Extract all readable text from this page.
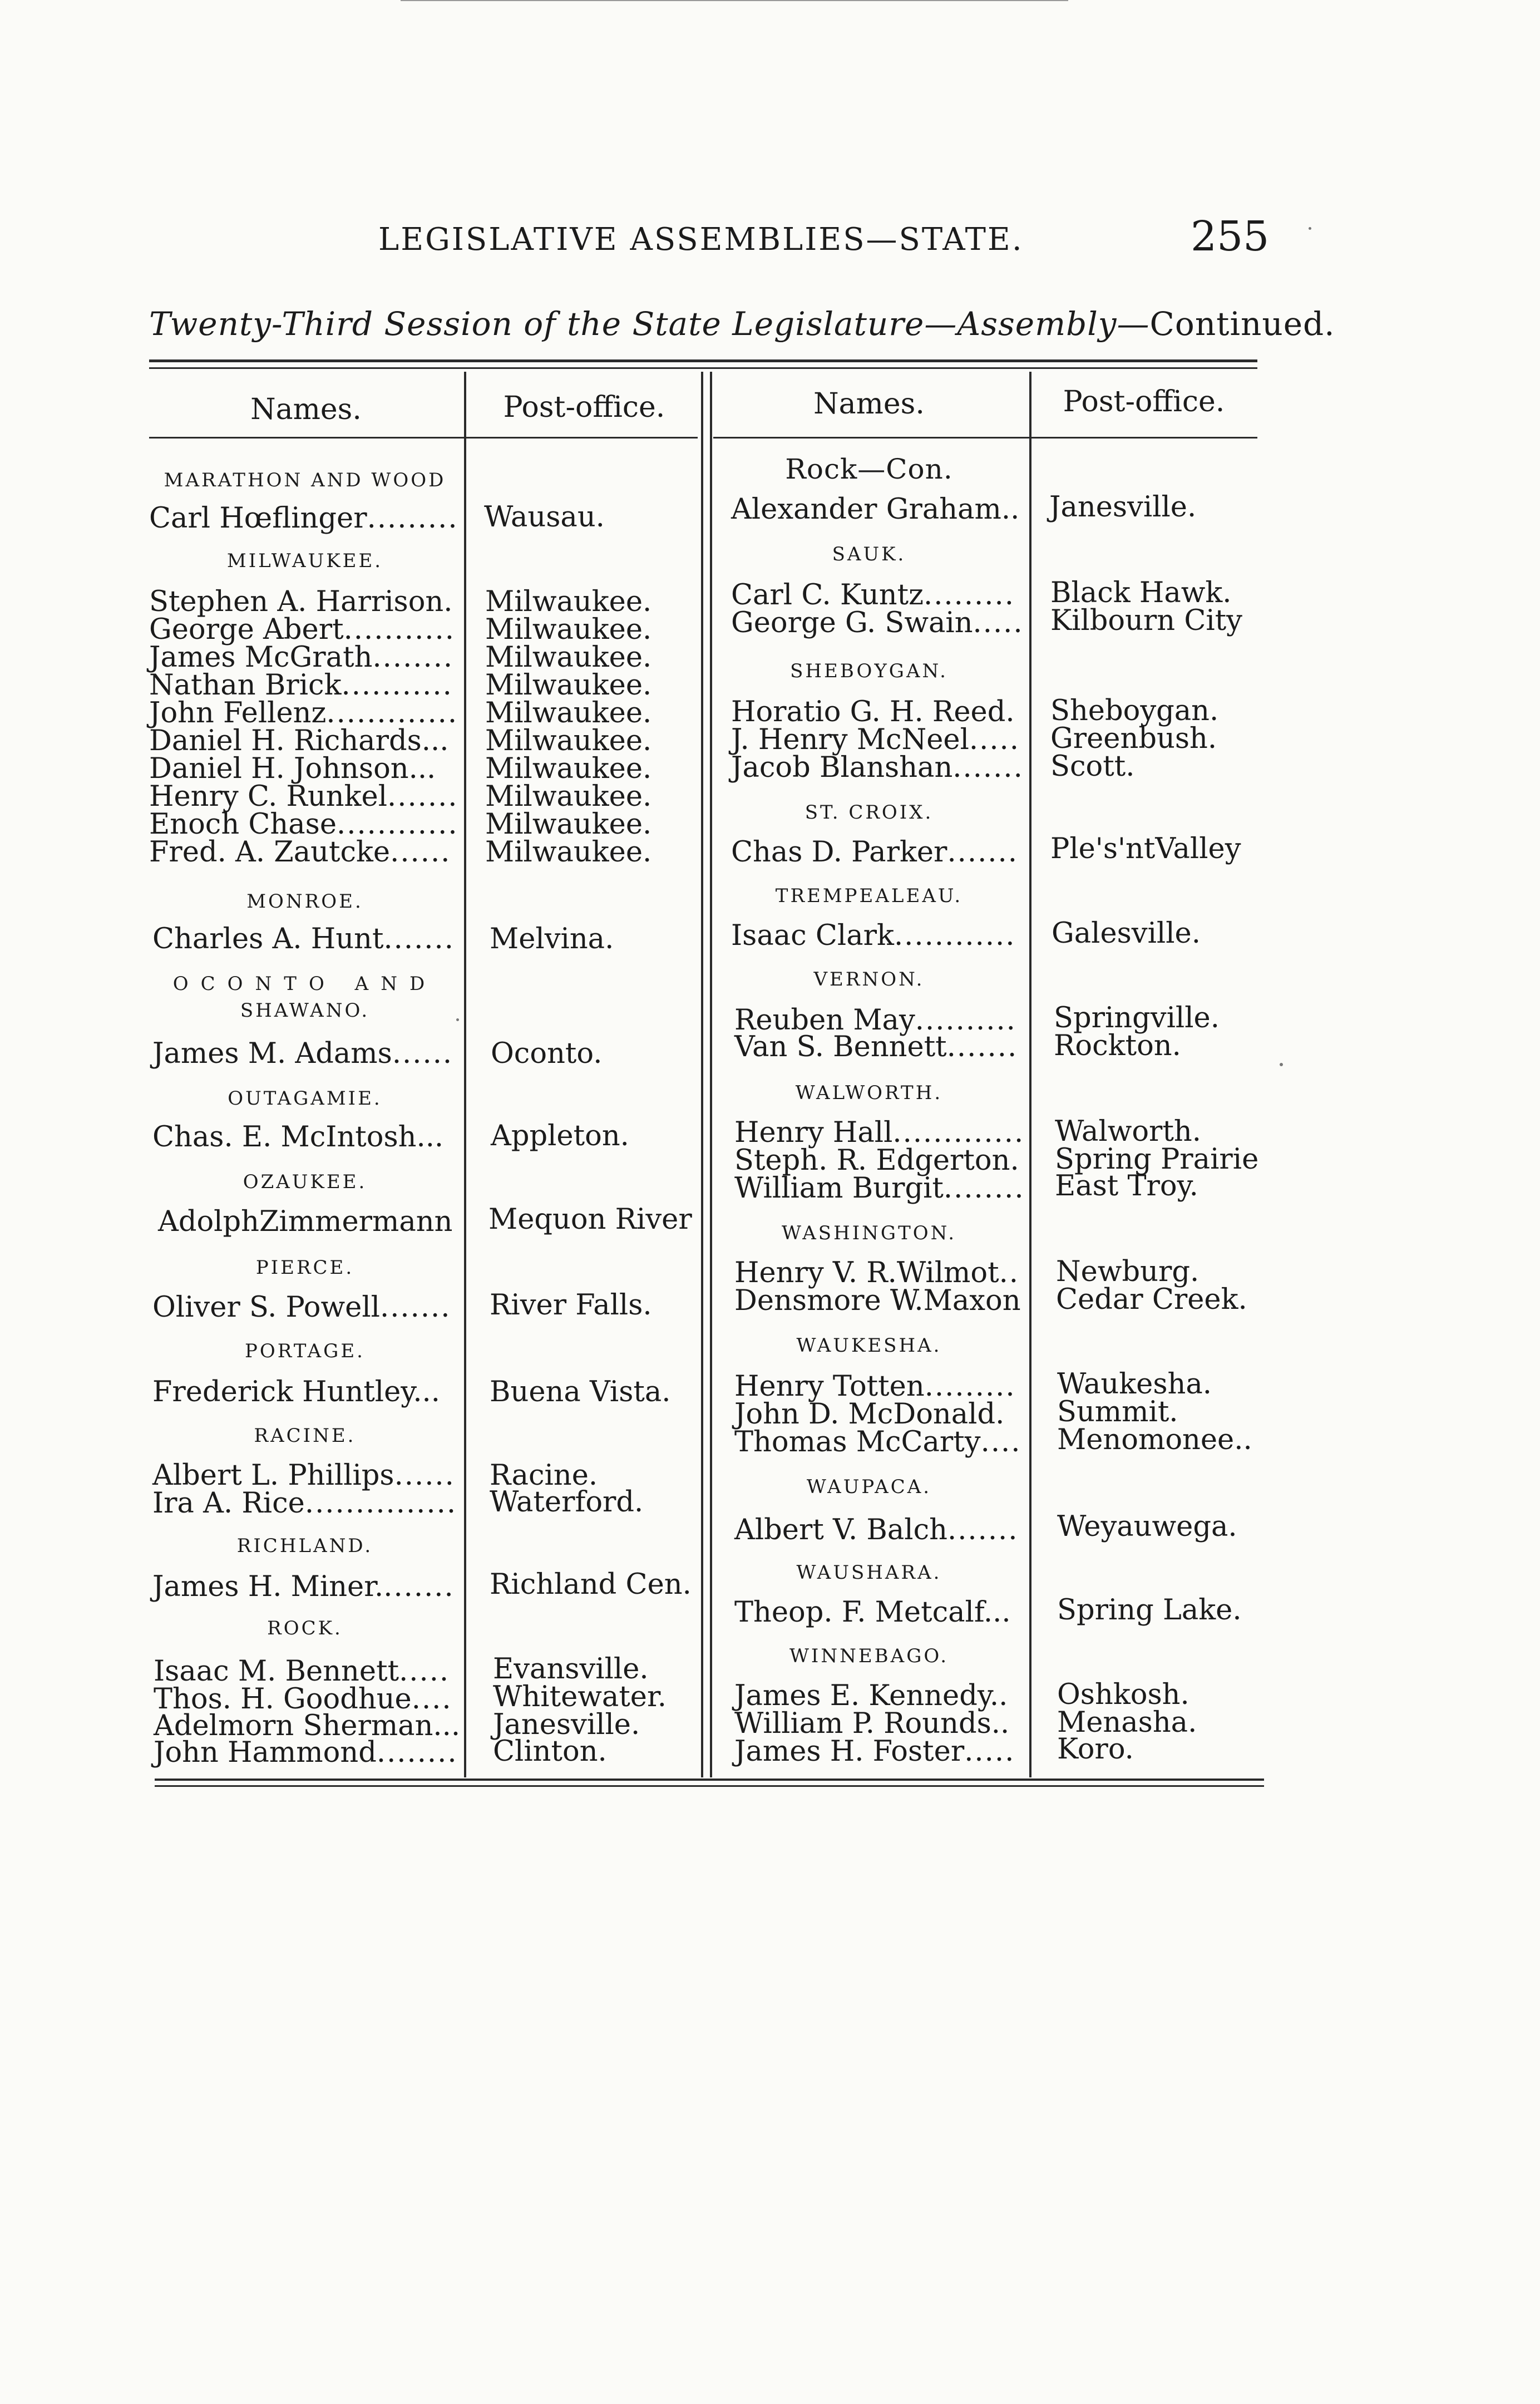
LEGISLATIVE ASSEMBLIES—STATE.	255
Twenty-Third Session of the State Legislature—Assembly—Continued.
Names.	Post-office.	Names.	Post-office.
MARATHON AND WOOD
Carl Hœflinger......... Wausau.
MILWAUKEE.
Stephen A. Harrison. Milwaukee.
George Abert........... Milwaukee.
James McGrath........ Milwaukee.
Nathan Brick........... Milwaukee.
John Fellenz............. Milwaukee.
Daniel H. Richards... Milwaukee.
Daniel H. Johnson... Milwaukee.
Henry C. Runkel....... Milwaukee.
Enoch Chase............ Milwaukee.
Fred. A. Zautcke...... Milwaukee.
MONROE.
Charles A. Hunt....... Melvina.
OCONTO AND
SHAWANO.
James M. Adams...... Oconto.
OUTAGAMIE.
Chas. E. McIntosh... Appleton.
OZAUKEE.
AdolphZimmermann Mequon River
PIERCE.
Oliver S. Powell....... River Falls.
PORTAGE.
Frederick Huntley... Buena Vista.
RACINE.
Albert L. Phillips...... Racine.
Ira A. Rice............... Waterford.
RICHLAND.
James H. Miner........ Richland Cen.
ROCK.
Isaac M. Bennett..... Evansville.
Thos. H. Goodhue.... Whitewater.
Adelmorn Sherman... Janesville.
John Hammond........ Clinton.
Rock—Con.
Alexander Graham.. Janesville.
SAUK.
Carl C. Kuntz......... Black Hawk.
George G. Swain..... Kilbourn City
SHEBOYGAN.
Horatio G. H. Reed. Sheboygan.
J. Henry McNeel..... Greenbush.
Jacob Blanshan....... Scott.
ST. CROIX.
Chas D. Parker....... Ple's'ntValley
TREMPEALEAU.
Isaac Clark............ Galesville.
VERNON.
Reuben May.......... Springville.
Van S. Bennett....... Rockton.
WALWORTH.
Henry Hall............. Walworth.
Steph. R. Edgerton. Spring Prairie
William Burgit........ East Troy.
WASHINGTON.
Henry V. R.Wilmot.. Newburg.
Densmore W.Maxon Cedar Creek.
WAUKESHA.
Henry Totten......... Waukesha.
John D. McDonald. Summit.
Thomas McCarty.... Menomonee..
WAUPACA.
Albert V. Balch....... Weyauwega.
WAUSHARA.
Theop. F. Metcalf... Spring Lake.
WINNEBAGO.
James E. Kennedy.. Oshkosh.
William P. Rounds.. Menasha.
James H. Foster..... Koro.
